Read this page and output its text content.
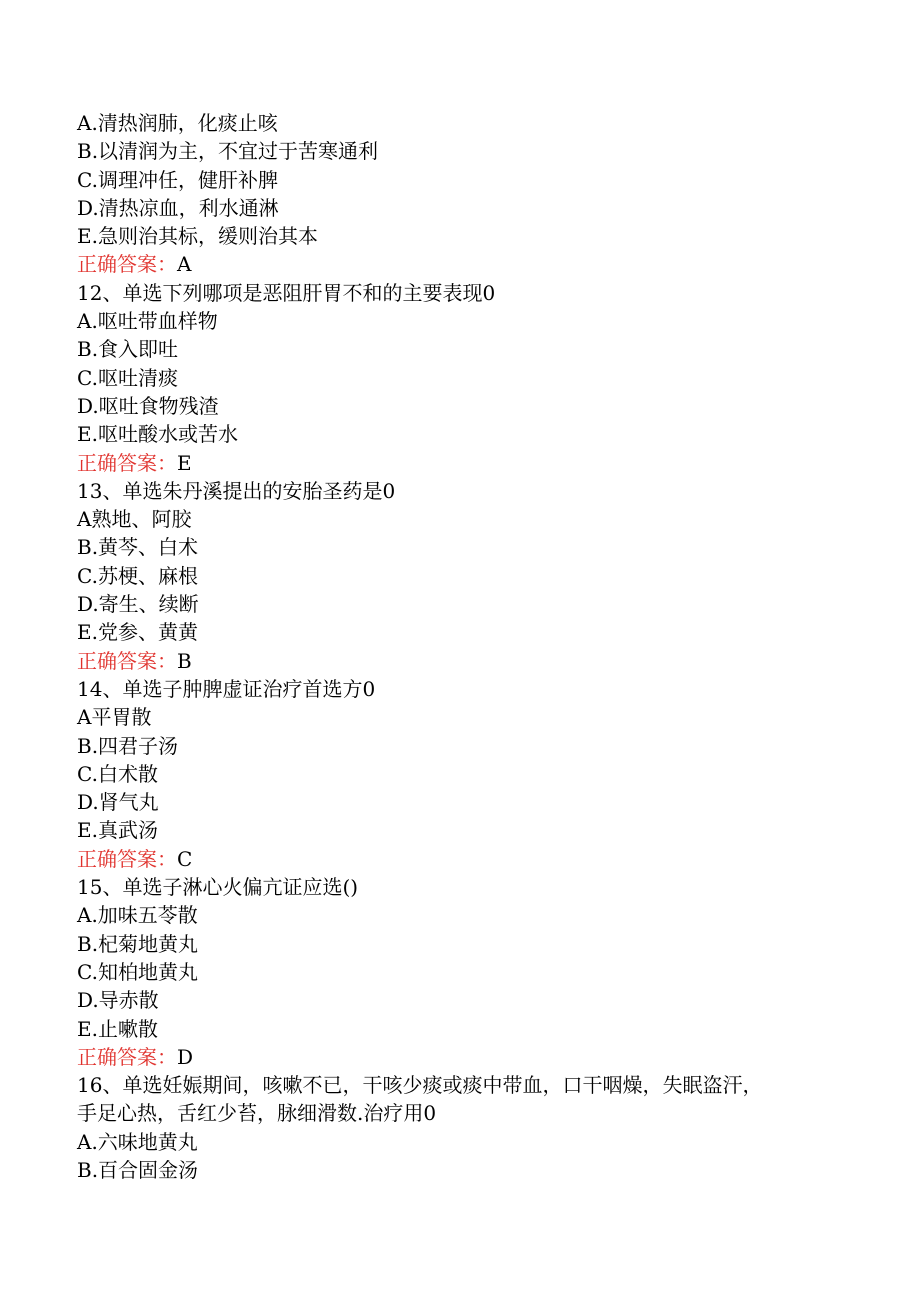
A.清热润肺，化痰止咳
B.以清润为主，不宜过于苦寒通利
C.调理冲任，健肝补脾
D.清热凉血，利水通淋
E.急则治其标，缓则治其本
正确答案：A
12、单选下列哪项是恶阻肝胃不和的主要表现0
A.呕吐带血样物
B.食入即吐
C.呕吐清痰
D.呕吐食物残渣
E.呕吐酸水或苦水
正确答案：E
13、单选朱丹溪提出的安胎圣药是0
A熟地、阿胶
B.黄芩、白术
C.苏梗、麻根
D.寄生、续断
E.党参、黄黄
正确答案：B
14、单选子肿脾虚证治疗首选方0
A平胃散
B.四君子汤
C.白术散
D.肾气丸
E.真武汤
正确答案：C
15、单选子淋心火偏亢证应选()
A.加味五苓散
B.杞菊地黄丸
C.知柏地黄丸
D.导赤散
E.止嗽散
正确答案：D
16、单选妊娠期间，咳嗽不已，干咳少痰或痰中带血，口干咽燥，失眠盗汗，
手足心热，舌红少苔，脉细滑数.治疗用0
A.六味地黄丸
B.百合固金汤
